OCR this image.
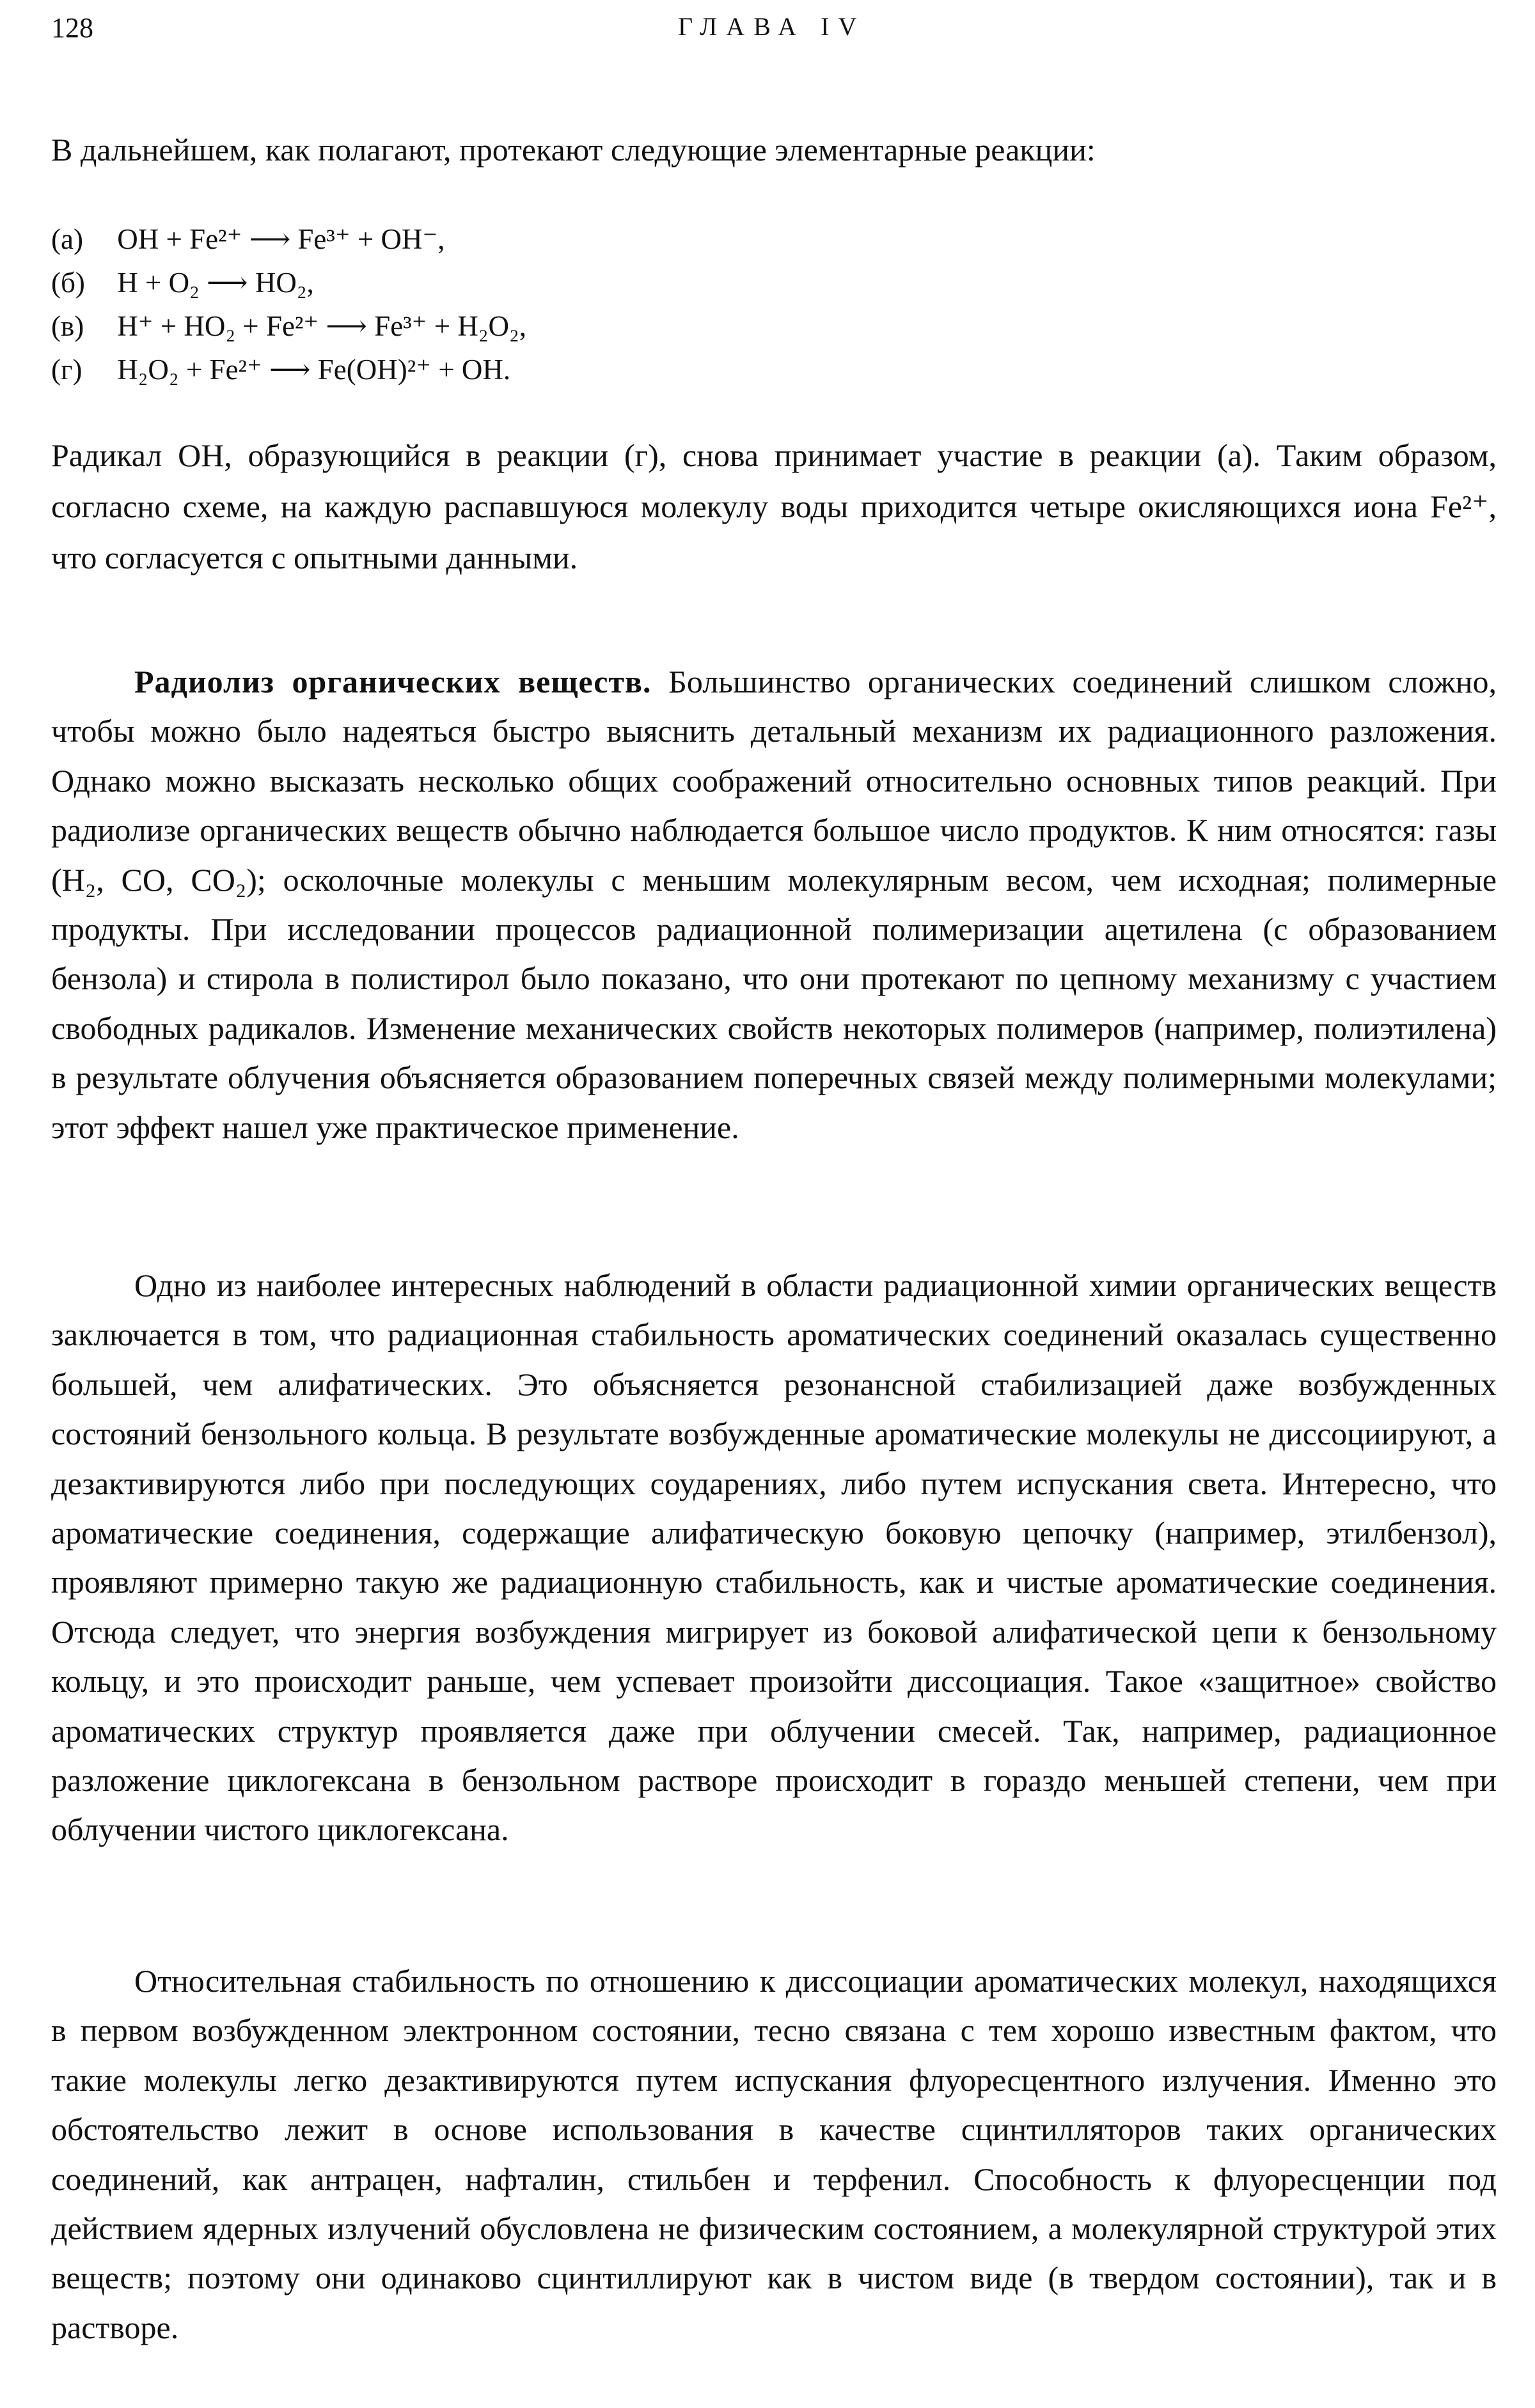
128	ГЛАВА IV

В дальнейшем, как полагают, протекают следующие элементарные реакции:

(а) OH + Fe²⁺ ⟶ Fe³⁺ + OH⁻,
(б) H + O₂ ⟶ HO₂,
(в) H⁺ + HO₂ + Fe²⁺ ⟶ Fe³⁺ + H₂O₂,
(г) H₂O₂ + Fe²⁺ ⟶ Fe(OH)²⁺ + OH.

Радикал OH, образующийся в реакции (г), снова принимает участие в реакции (а). Таким образом, согласно схеме, на каждую распавшуюся молекулу воды приходится четыре окисляющихся иона Fe²⁺, что согласуется с опытными данными.

Радиолиз органических веществ. Большинство органических соединений слишком сложно, чтобы можно было надеяться быстро выяснить детальный механизм их радиационного разложения. Однако можно высказать несколько общих соображений относительно основных типов реакций. При радиолизе органических веществ обычно наблюдается большое число продуктов. К ним относятся: газы (H₂, CO, CO₂); осколочные молекулы с меньшим молекулярным весом, чем исходная; полимерные продукты. При исследовании процессов радиационной полимеризации ацетилена (с образованием бензола) и стирола в полистирол было показано, что они протекают по цепному механизму с участием свободных радикалов. Изменение механических свойств некоторых полимеров (например, полиэтилена) в результате облучения объясняется образованием поперечных связей между полимерными молекулами; этот эффект нашел уже практическое применение.

Одно из наиболее интересных наблюдений в области радиационной химии органических веществ заключается в том, что радиационная стабильность ароматических соединений оказалась существенно большей, чем алифатических. Это объясняется резонансной стабилизацией даже возбужденных состояний бензольного кольца. В результате возбужденные ароматические молекулы не диссоциируют, а дезактивируются либо при последующих соударениях, либо путем испускания света. Интересно, что ароматические соединения, содержащие алифатическую боковую цепочку (например, этилбензол), проявляют примерно такую же радиационную стабильность, как и чистые ароматические соединения. Отсюда следует, что энергия возбуждения мигрирует из боковой алифатической цепи к бензольному кольцу, и это происходит раньше, чем успевает произойти диссоциация. Такое «защитное» свойство ароматических структур проявляется даже при облучении смесей. Так, например, радиационное разложение циклогексана в бензольном растворе происходит в гораздо меньшей степени, чем при облучении чистого циклогексана.

Относительная стабильность по отношению к диссоциации ароматических молекул, находящихся в первом возбужденном электронном состоянии, тесно связана с тем хорошо известным фактом, что такие молекулы легко дезактивируются путем испускания флуоресцентного излучения. Именно это обстоятельство лежит в основе использования в качестве сцинтилляторов таких органических соединений, как антрацен, нафталин, стильбен и терфенил. Способность к флуоресценции под действием ядерных излучений обусловлена не физическим состоянием, а молекулярной структурой этих веществ; поэтому они одинаково сцинтиллируют как в чистом виде (в твердом состоянии), так и в растворе.
